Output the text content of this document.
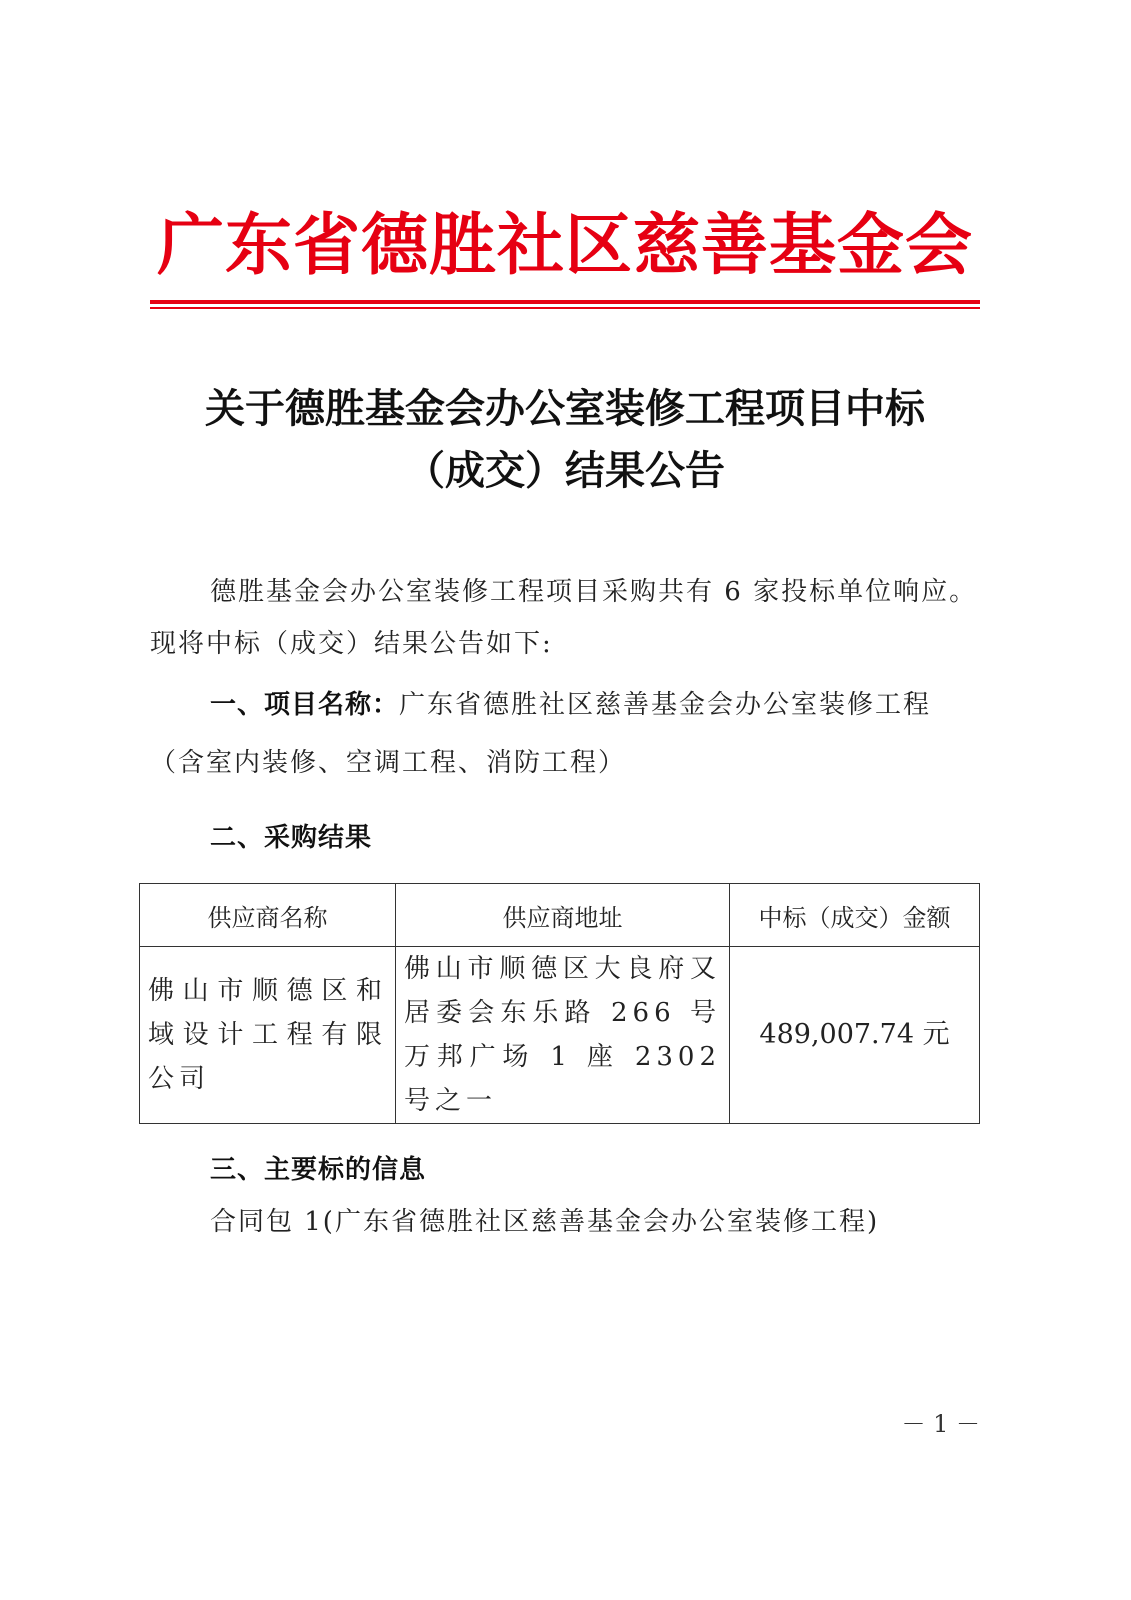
广东省德胜社区慈善基金会
关于德胜基金会办公室装修工程项目中标
（成交）结果公告
德胜基金会办公室装修工程项目采购共有 6 家投标单位响应。现将中标（成交）结果公告如下:
一、项目名称：广东省德胜社区慈善基金会办公室装修工程
（含室内装修、空调工程、消防工程）
二、采购结果
供应商名称	供应商地址	中标（成交）金额
佛山市顺德区和域设计工程有限公司	佛山市顺德区大良府又居委会东乐路 266 号万邦广场 1 座 2302 号之一	489,007.74 元
三、主要标的信息
合同包 1(广东省德胜社区慈善基金会办公室装修工程)
－ 1 －
